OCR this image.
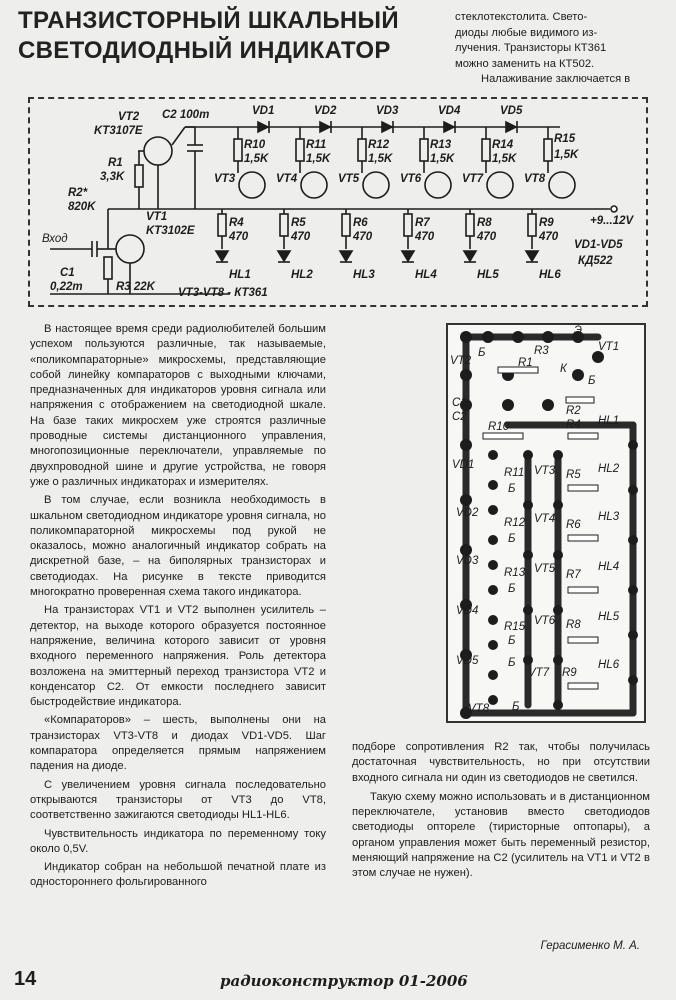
ТРАНЗИСТОРНЫЙ ШКАЛЬНЫЙ
СВЕТОДИОДНЫЙ ИНДИКАТОР

стеклотекстолита. Свето-

диоды любые видимого из-

лучения. Транзисторы КТ361

можно заменить на КТ502.

Налаживание заключается в

VT2
KT3107E
C2 100m
R1
3,3K
R2*
820K
VT1
KT3102E
Вход
C1
0,22m	R3 22K
VD1	VD2	VD3	VD4	VD5
R10	R11	R12	R13	R14	R15
1,5K	1,5K	1,5K	1,5K	1,5K	1,5K
VT3	VT4	VT5	VT6	VT7	VT8
R4	R5	R6	R7	R8	R9
470	470	470	470	470	470
HL1	HL2	HL3	HL4	HL5	HL6
VT3-VT8 - КТ361
+9...12V
VD1-VD5
КД522
Э
VT2
Б
R1
R3	VT1
К
Б
C1
C2	R2
R10	R4 HL1
VD1
R11 VT3 R5 HL2
Б
VD2
R12 VT4 R6
HL3
Б
VD3
R13 VT5 R7
HL4
Б
VD4
R15 VT6 R8
HL5
Б
VD5
VT7 R9
HL6
Б
VT8 Б

В настоящее время среди радиолюбителей большим успехом пользуются различные, так называемые, «поликомпараторные» микросхемы, представляющие собой линейку компараторов с выходными ключами, предназначенных для индикаторов уровня сигнала или напряжения с отображением на светодиодной шкале. На базе таких микросхем уже строятся различные проводные системы дистанционного управления, многопозиционные переключатели, управляемые по двухпроводной шине и другие устройства, не говоря уже о различных индикаторах и измерителях.

В том случае, если возникла необходимость в шкальном светодиодном индикаторе уровня сигнала, но поликомпараторной микросхемы под рукой не оказалось, можно аналогичный индикатор собрать на дискретной базе, – на биполярных транзисторах и светодиодах. На рисунке в тексте приводится многократно проверенная схема такого индикатора.

На транзисторах VT1 и VT2 выполнен усилитель – детектор, на выходе которого образуется постоянное напряжение, величина которого зависит от уровня входного переменного напряжения. Роль детектора возложена на эмиттерный переход транзистора VT2 и конденсатор C2. От емкости последнего зависит быстродействие индикатора.

«Компараторов» – шесть, выполнены они на транзисторах VT3-VT8 и диодах VD1-VD5. Шаг компаратора определяется прямым напряжением падения на диоде.

С увеличением уровня сигнала последовательно открываются транзисторы от VT3 до VT8, соответственно зажигаются светодиоды HL1-HL6.

Чувствительность индикатора по переменному току около 0,5V.

Индикатор собран на небольшой печатной плате из одностороннего фольгированного

подборе сопротивления R2 так, чтобы получилась достаточная чувствительность, но при отсутствии входного сигнала ни один из светодиодов не светился.

Такую схему можно использовать и в дистанционном переключателе, установив вместо светодиодов светодиоды оптореле (тиристорные оптопары), а органом управления может быть переменный резистор, меняющий напряжение на C2 (усилитель на VT1 и VT2 в этом случае не нужен).

Герасименко М. А.
14	радиоконструктор 01-2006
